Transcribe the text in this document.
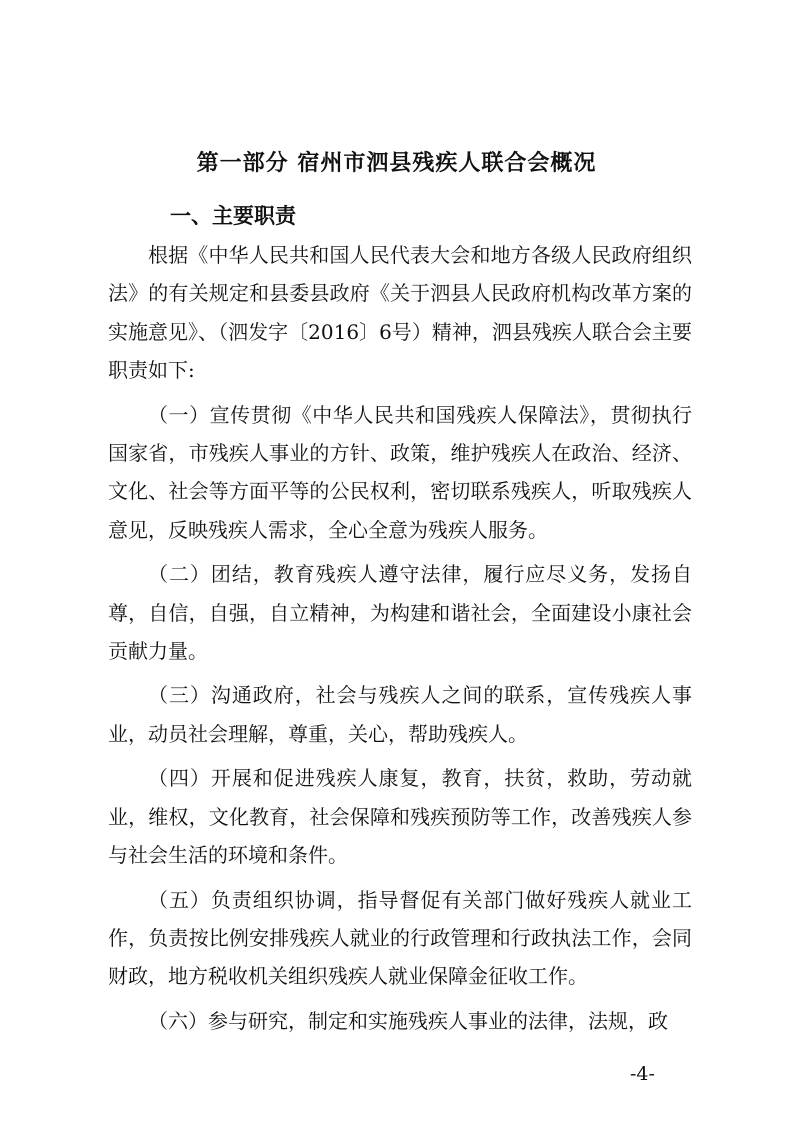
第一部分 宿州市泗县残疾人联合会概况
一、主要职责

根据《中华人民共和国人民代表大会和地方各级人民政府组织法》的有关规定和县委县政府《关于泗县人民政府机构改革方案的实施意见》、（泗发字〔2016〕6号）精神，泗县残疾人联合会主要职责如下:

（一）宣传贯彻《中华人民共和国残疾人保障法》，贯彻执行国家省，市残疾人事业的方针、政策，维护残疾人在政治、经济、文化、社会等方面平等的公民权利，密切联系残疾人，听取残疾人意见，反映残疾人需求，全心全意为残疾人服务。

（二）团结，教育残疾人遵守法律，履行应尽义务，发扬自尊，自信，自强，自立精神，为构建和谐社会，全面建设小康社会贡献力量。

（三）沟通政府，社会与残疾人之间的联系，宣传残疾人事业，动员社会理解，尊重，关心，帮助残疾人。

（四）开展和促进残疾人康复，教育，扶贫，救助，劳动就业，维权，文化教育，社会保障和残疾预防等工作，改善残疾人参与社会生活的环境和条件。

（五）负责组织协调，指导督促有关部门做好残疾人就业工作，负责按比例安排残疾人就业的行政管理和行政执法工作，会同财政，地方税收机关组织残疾人就业保障金征收工作。

（六）参与研究，制定和实施残疾人事业的法律，法规，政

-4-
